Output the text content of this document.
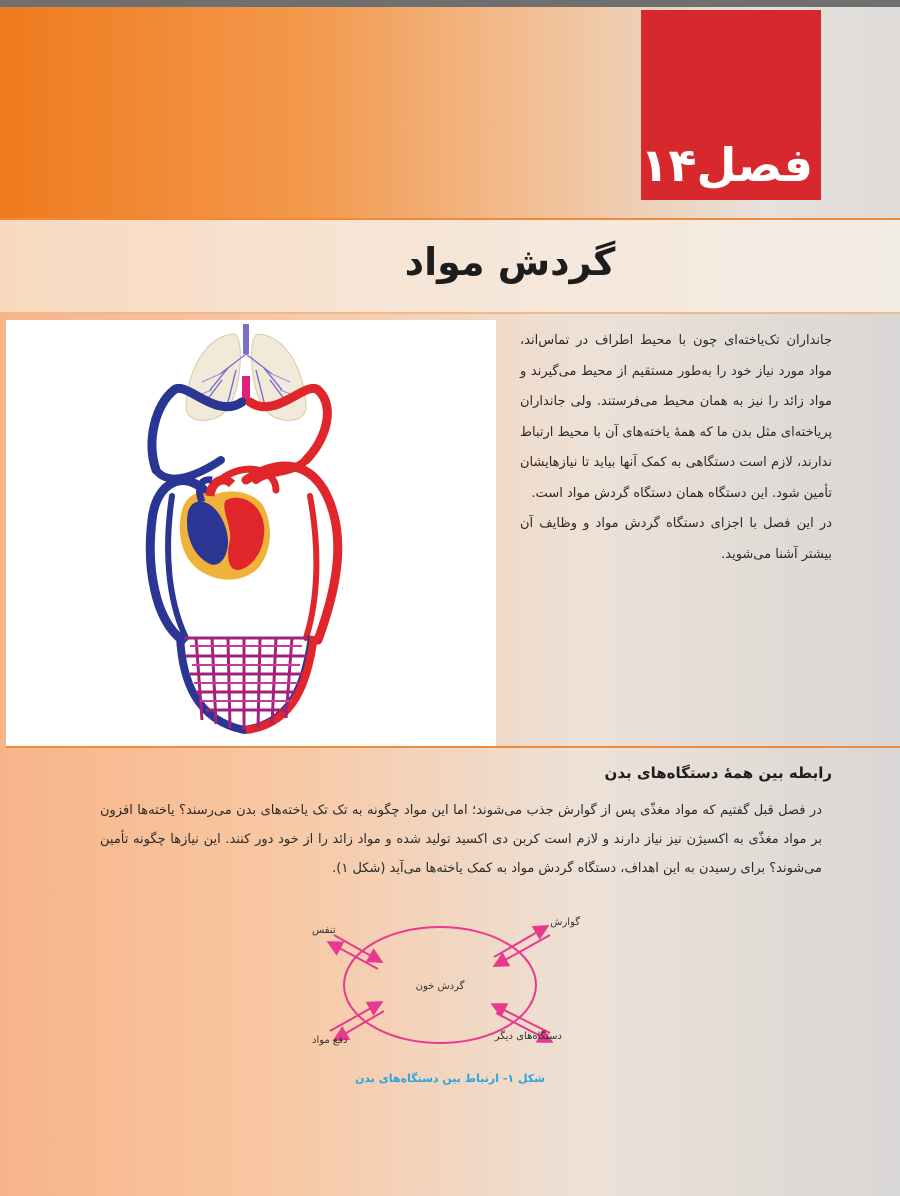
فصل۱۴
گردش مواد

جانداران تک‌یاخته‌ای چون با محیط اطراف در تماس‌اند، مواد مورد نیاز خود را به‌طور مستقیم از محیط می‌گیرند و مواد زائد را نیز به همان محیط می‌فرستند. ولی جانداران پریاخته‌ای مثل بدن ما که همهٔ یاخته‌های آن با محیط ارتباط ندارند، لازم است دستگاهی به کمک آنها بیاید تا نیازهایشان تأمین شود. این دستگاه همان دستگاه گردش مواد است.

در این فصل با اجزای دستگاه گردش مواد و وظایف آن بیشتر آشنا می‌شوید.

رابطه بین همهٔ دستگاه‌های بدن

در فصل قبل گفتیم که مواد مغذّی پس از گوارش جذب می‌شوند؛ اما این مواد چگونه به تک تک یاخته‌های بدن می‌رسند؟ یاخته‌ها افزون بر مواد مغذّی به اکسیژن نیز نیاز دارند و لازم است کربن دی اکسید تولید شده و مواد زائد را از خود دور کنند. این نیازها چگونه تأمین می‌شوند؟ برای رسیدن به این اهداف، دستگاه گردش مواد به کمک یاخته‌ها می‌آید (شکل ۱).

گردش خون
تنفس
گوارش
دفع مواد	دستگاه‌های دیگر
شکل ۱- ارتباط بین دستگاه‌های بدن
